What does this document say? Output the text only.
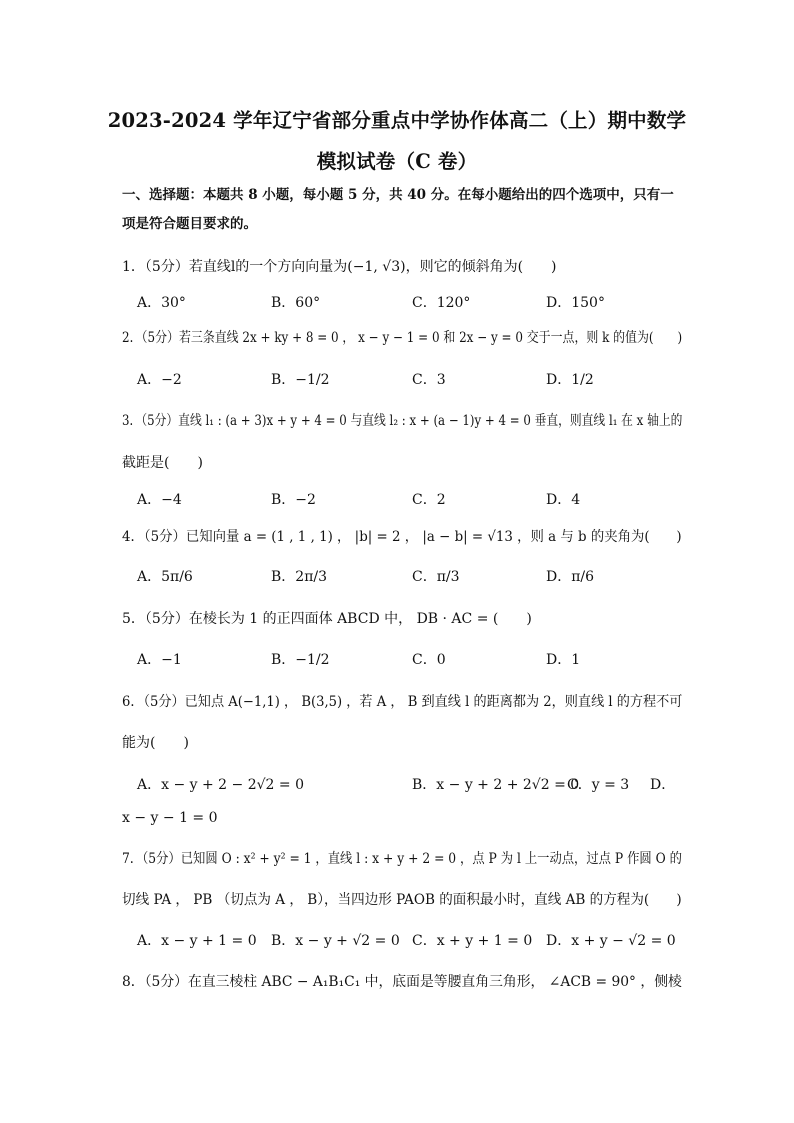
2023-2024 学年辽宁省部分重点中学协作体高二（上）期中数学
模拟试卷（C 卷）
一、选择题：本题共 8 小题，每小题 5 分，共 40 分。在每小题给出的四个选项中，只有一
项是符合题目要求的。
1．（5分）若直线l的一个方向向量为(−1, √3)，则它的倾斜角为(　　)
A．30°	B．60°	C．120°	D．150°
2．（5分）若三条直线 2x + ky + 8 = 0 ， x − y − 1 = 0 和 2x − y = 0 交于一点，则 k 的值为(　　)
A．−2	B．−1/2	C．3	D．1/2
3．（5分）直线 l₁ : (a + 3)x + y + 4 = 0 与直线 l₂ : x + (a − 1)y + 4 = 0 垂直，则直线 l₁ 在 x 轴上的
截距是(　　)
A．−4	B．−2	C．2	D．4
4．（5分）已知向量 a = (1 , 1 , 1) ， |b| = 2 ， |a − b| = √13 ，则 a 与 b 的夹角为(　　)
A．5π/6	B．2π/3	C．π/3	D．π/6
5．（5分）在棱长为 1 的正四面体 ABCD 中， DB · AC = (　　)
A．−1	B．−1/2	C．0	D．1
6．（5分）已知点 A(−1,1) ， B(3,5) ，若 A ， B 到直线 l 的距离都为 2，则直线 l 的方程不可
能为(　　)
A．x − y + 2 − 2√2 = 0	B．x − y + 2 + 2√2 = 0
C．y = 3 D．
x − y − 1 = 0
7．（5分）已知圆 O : x² + y² = 1 ，直线 l : x + y + 2 = 0 ，点 P 为 l 上一动点，过点 P 作圆 O 的
切线 PA ， PB （切点为 A ， B），当四边形 PAOB 的面积最小时，直线 AB 的方程为(　　)
A．x − y + 1 = 0 B．x − y + √2 = 0 C．x + y + 1 = 0 D．x + y − √2 = 0
8．（5分）在直三棱柱 ABC − A₁B₁C₁ 中，底面是等腰直角三角形， ∠ACB = 90° ，侧棱
